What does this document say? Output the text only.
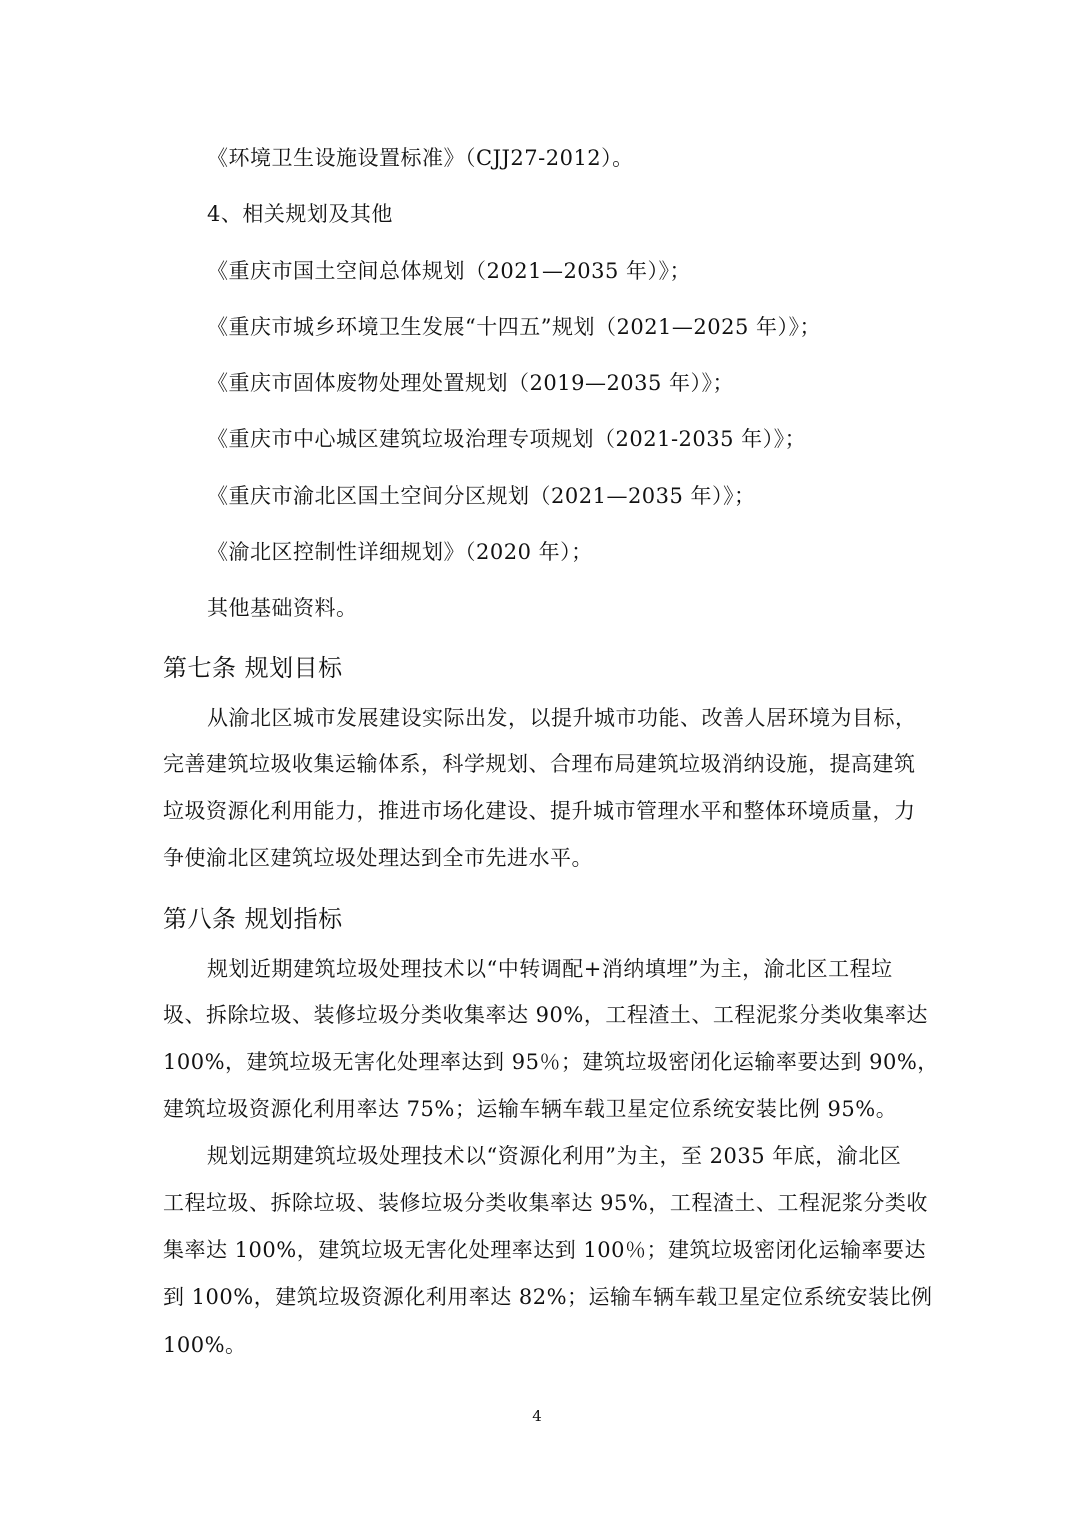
《环境卫生设施设置标准》（CJJ27-2012）。
4、相关规划及其他
《重庆市国土空间总体规划（2021—2035 年）》；
《重庆市城乡环境卫生发展“十四五”规划（2021—2025 年）》；
《重庆市固体废物处理处置规划（2019—2035 年）》；
《重庆市中心城区建筑垃圾治理专项规划（2021-2035 年）》；
《重庆市渝北区国土空间分区规划（2021—2035 年）》；
《渝北区控制性详细规划》（2020 年）；
其他基础资料。
第七条 规划目标
从渝北区城市发展建设实际出发，以提升城市功能、改善人居环境为目标，
完善建筑垃圾收集运输体系，科学规划、合理布局建筑垃圾消纳设施，提高建筑
垃圾资源化利用能力，推进市场化建设、提升城市管理水平和整体环境质量，力
争使渝北区建筑垃圾处理达到全市先进水平。
第八条 规划指标
规划近期建筑垃圾处理技术以“中转调配+消纳填埋”为主，渝北区工程垃
圾、拆除垃圾、装修垃圾分类收集率达 90%，工程渣土、工程泥浆分类收集率达
100%，建筑垃圾无害化处理率达到 95％；建筑垃圾密闭化运输率要达到 90%，
建筑垃圾资源化利用率达 75%；运输车辆车载卫星定位系统安装比例 95%。
规划远期建筑垃圾处理技术以“资源化利用”为主，至 2035 年底，渝北区
工程垃圾、拆除垃圾、装修垃圾分类收集率达 95%，工程渣土、工程泥浆分类收
集率达 100%，建筑垃圾无害化处理率达到 100％；建筑垃圾密闭化运输率要达
到 100%，建筑垃圾资源化利用率达 82%；运输车辆车载卫星定位系统安装比例
100%。
4
